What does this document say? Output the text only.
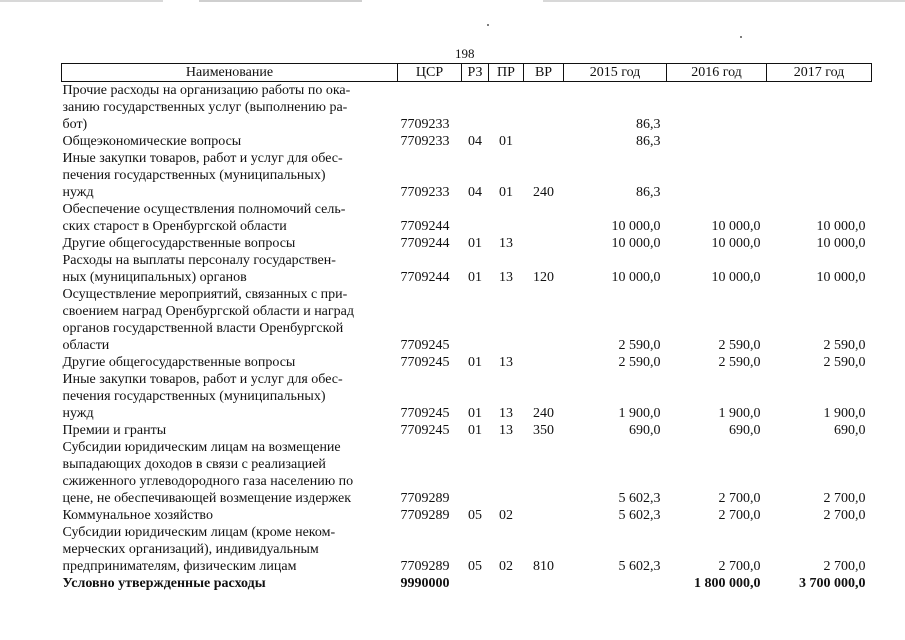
198
Наименование	ЦСР	РЗ	ПР	ВР	2015 год	2016 год	2017 год

Прочие расходы на организацию работы по ока-
занию государственных услуг (выполнению ра-
бот)	7709233				86,3		

Общеэкономические вопросы	7709233	04	01		86,3		

Иные закупки товаров, работ и услуг для обес-
печения государственных (муниципальных)
нужд	7709233	04	01	240	86,3		

Обеспечение осуществления полномочий сель-
ских старост в Оренбургской области	7709244				10 000,0	10 000,0	10 000,0

Другие общегосударственные вопросы	7709244	01	13		10 000,0	10 000,0	10 000,0

Расходы на выплаты персоналу государствен-
ных (муниципальных) органов	7709244	01	13	120	10 000,0	10 000,0	10 000,0

Осуществление мероприятий, связанных с при-
своением наград Оренбургской области и наград
органов государственной власти Оренбургской
области	7709245				2 590,0	2 590,0	2 590,0

Другие общегосударственные вопросы	7709245	01	13		2 590,0	2 590,0	2 590,0

Иные закупки товаров, работ и услуг для обес-
печения государственных (муниципальных)
нужд	7709245	01	13	240	1 900,0	1 900,0	1 900,0

Премии и гранты	7709245	01	13	350	690,0	690,0	690,0

Субсидии юридическим лицам на возмещение
выпадающих доходов в связи с реализацией
сжиженного углеводородного газа населению по
цене, не обеспечивающей возмещение издержек	7709289				5 602,3	2 700,0	2 700,0

Коммунальное хозяйство	7709289	05	02		5 602,3	2 700,0	2 700,0

Субсидии юридическим лицам (кроме неком-
мерческих организаций), индивидуальным
предпринимателям, физическим лицам	7709289	05	02	810	5 602,3	2 700,0	2 700,0

Условно утвержденные расходы	9990000					1 800 000,0	3 700 000,0
